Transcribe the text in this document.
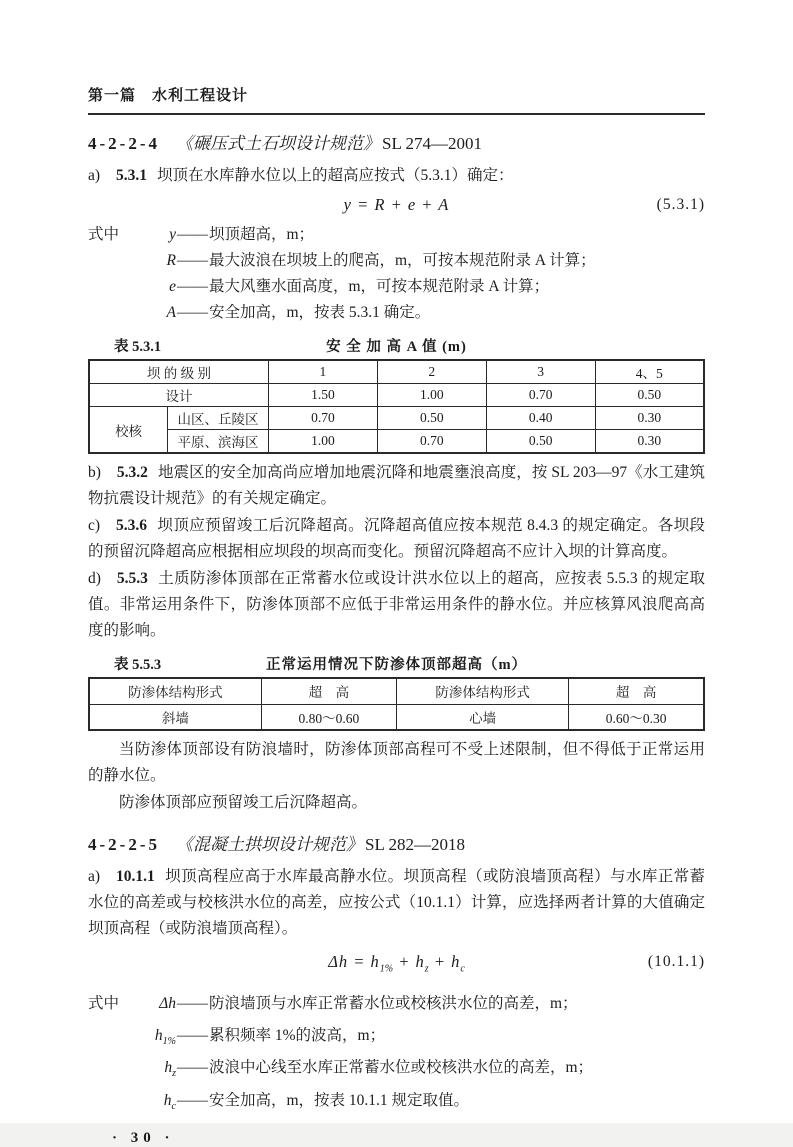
第一篇　水利工程设计
4-2-2-4 《碾压式土石坝设计规范》 SL 274—2001
a) 5.3.1 坝顶在水库静水位以上的超高应按式（5.3.1）确定：
y = R + e + A	(5.3.1)
式中	y —— 坝顶超高，m；
R —— 最大波浪在坝坡上的爬高，m，可按本规范附录 A 计算；
e —— 最大风壅水面高度，m，可按本规范附录 A 计算；
A —— 安全加高，m，按表 5.3.1 确定。
安 全 加 高 A 值 (m)
表 5.3.1
坝 的 级 别		1	2	3	4、5
设计		1.50	1.00	0.70	0.50
校核	山区、丘陵区	0.70	0.50	0.40	0.30
	平原、滨海区	1.00	0.70	0.50	0.30
b) 5.3.2 地震区的安全加高尚应增加地震沉降和地震壅浪高度，按 SL 203—97《水工建筑物抗震设计规范》的有关规定确定。
c) 5.3.6 坝顶应预留竣工后沉降超高。沉降超高值应按本规范 8.4.3 的规定确定。各坝段的预留沉降超高应根据相应坝段的坝高而变化。预留沉降超高不应计入坝的计算高度。
d) 5.5.3 土质防渗体顶部在正常蓄水位或设计洪水位以上的超高，应按表 5.5.3 的规定取值。非常运用条件下，防渗体顶部不应低于非常运用条件的静水位。并应核算风浪爬高高度的影响。
正常运用情况下防渗体顶部超高（m）
表 5.5.3
防渗体结构形式	超　高	防渗体结构形式	超　高
斜墙	0.80～0.60	心墙	0.60～0.30
当防渗体顶部设有防浪墙时，防渗体顶部高程可不受上述限制，但不得低于正常运用的静水位。
防渗体顶部应预留竣工后沉降超高。
4-2-2-5 《混凝土拱坝设计规范》 SL 282—2018
a) 10.1.1 坝顶高程应高于水库最高静水位。坝顶高程（或防浪墙顶高程）与水库正常蓄水位的高差或与校核洪水位的高差，应按公式（10.1.1）计算，应选择两者计算的大值确定坝顶高程（或防浪墙顶高程）。
$\Delta h = h_{1\%} + h_z + h_c$	(10.1.1)
式中	Δh —— 防浪墙顶与水库正常蓄水位或校核洪水位的高差，m；
$h_{1\%}$ —— 累积频率 1%的波高，m；
$h_z$ —— 波浪中心线至水库正常蓄水位或校核洪水位的高差，m；
$h_c$ —— 安全加高，m，按表 10.1.1 规定取值。
· 30 ·
